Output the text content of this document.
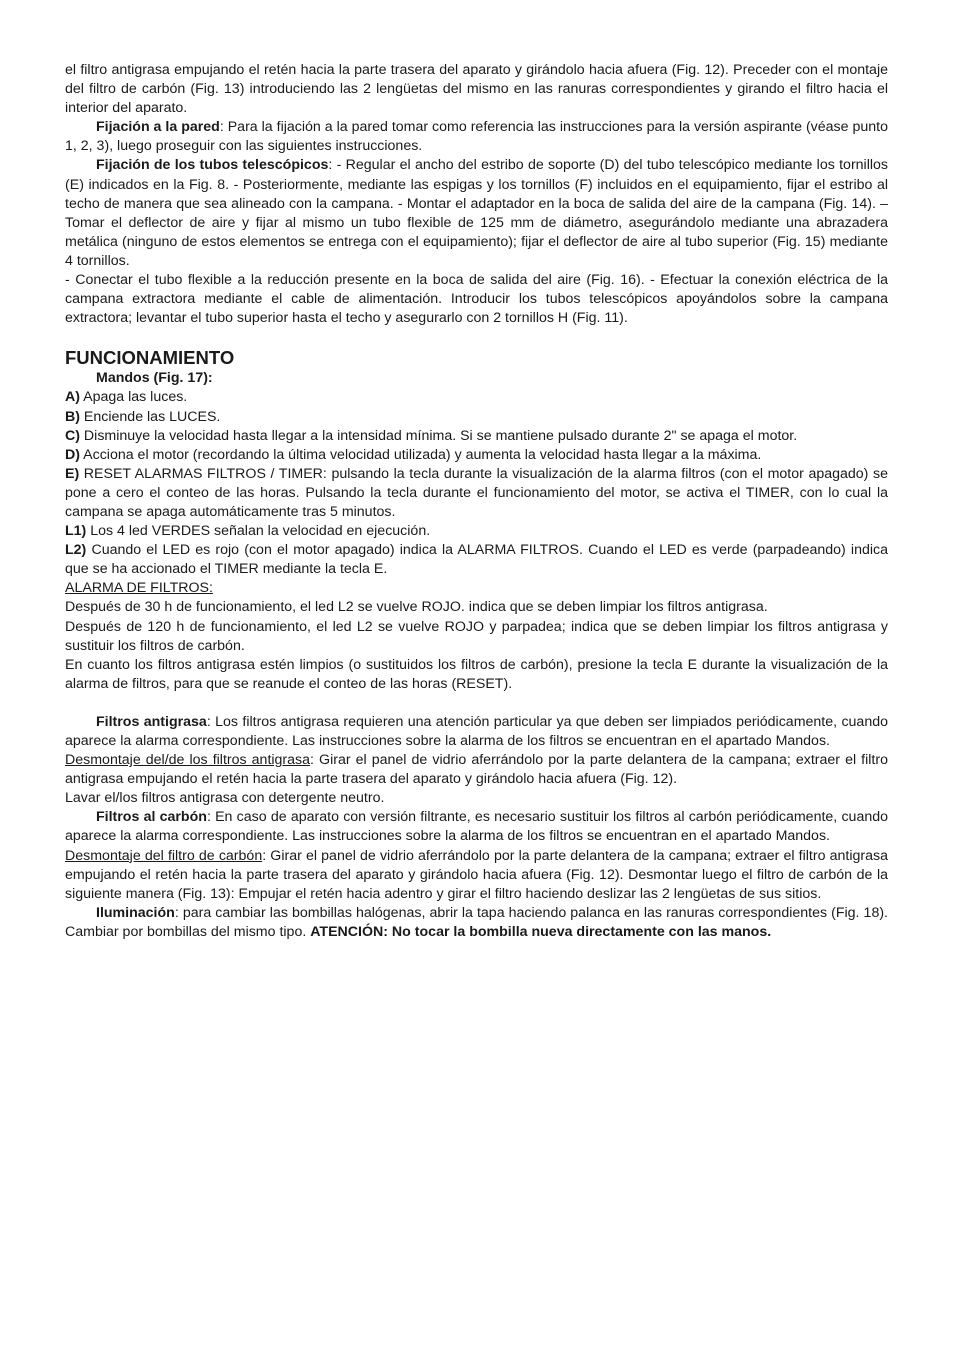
el filtro antigrasa empujando el retén hacia la parte trasera del aparato y girándolo hacia afuera (Fig. 12). Preceder con el montaje del filtro de carbón (Fig. 13) introduciendo las 2 lengüetas del mismo en las ranuras correspondientes y girando el filtro hacia el interior del aparato.

Fijación a la pared: Para la fijación a la pared tomar como referencia las instrucciones para la versión aspirante (véase punto 1, 2, 3), luego proseguir con las siguientes instrucciones.

Fijación de los tubos telescópicos: - Regular el ancho del estribo de soporte (D) del tubo telescópico mediante los tornillos (E) indicados en la Fig. 8. - Posteriormente, mediante las espigas y los tornillos (F) incluidos en el equipamiento, fijar el estribo al techo de manera que sea alineado con la campana. - Montar el adaptador en la boca de salida del aire de la campana (Fig. 14). – Tomar el deflector de aire y fijar al mismo un tubo flexible de 125 mm de diámetro, asegurándolo mediante una abrazadera metálica (ninguno de estos elementos se entrega con el equipamiento); fijar el deflector de aire al tubo superior (Fig. 15) mediante 4 tornillos.

- Conectar el tubo flexible a la reducción presente en la boca de salida del aire (Fig. 16). - Efectuar la conexión eléctrica de la campana extractora mediante el cable de alimentación. Introducir los tubos telescópicos apoyándolos sobre la campana extractora; levantar el tubo superior hasta el techo y asegurarlo con 2 tornillos H (Fig. 11).

FUNCIONAMIENTO

Mandos (Fig. 17):

A) Apaga las luces.

B) Enciende las LUCES.

C) Disminuye la velocidad hasta llegar a la intensidad mínima. Si se mantiene pulsado durante 2" se apaga el motor.

D) Acciona el motor (recordando la última velocidad utilizada) y aumenta la velocidad hasta llegar a la máxima.

E) RESET ALARMAS FILTROS / TIMER: pulsando la tecla durante la visualización de la alarma filtros (con el motor apagado) se pone a cero el conteo de las horas. Pulsando la tecla durante el funcionamiento del motor, se activa el TIMER, con lo cual la campana se apaga automáticamente tras 5 minutos.

L1) Los 4 led VERDES señalan la velocidad en ejecución.

L2) Cuando el LED es rojo (con el motor apagado) indica la ALARMA FILTROS. Cuando el LED es verde (parpadeando) indica que se ha accionado el TIMER mediante la tecla E.

ALARMA DE FILTROS:

Después de 30 h de funcionamiento, el led L2 se vuelve ROJO. indica que se deben limpiar los filtros antigrasa.

Después de 120 h de funcionamiento, el led L2 se vuelve ROJO y parpadea; indica que se deben limpiar los filtros antigrasa y sustituir los filtros de carbón.

En cuanto los filtros antigrasa estén limpios (o sustituidos los filtros de carbón), presione la tecla E durante la visualización de la alarma de filtros, para que se reanude el conteo de las horas (RESET).

Filtros antigrasa: Los filtros antigrasa requieren una atención particular ya que deben ser limpiados periódicamente, cuando aparece la alarma correspondiente. Las instrucciones sobre la alarma de los filtros se encuentran en el apartado Mandos.

Desmontaje del/de los filtros antigrasa: Girar el panel de vidrio aferrándolo por la parte delantera de la campana; extraer el filtro antigrasa empujando el retén hacia la parte trasera del aparato y girándolo hacia afuera (Fig. 12).

Lavar el/los filtros antigrasa con detergente neutro.

Filtros al carbón: En caso de aparato con versión filtrante, es necesario sustituir los filtros al carbón periódicamente, cuando aparece la alarma correspondiente. Las instrucciones sobre la alarma de los filtros se encuentran en el apartado Mandos.

Desmontaje del filtro de carbón: Girar el panel de vidrio aferrándolo por la parte delantera de la campana; extraer el filtro antigrasa empujando el retén hacia la parte trasera del aparato y girándolo hacia afuera (Fig. 12). Desmontar luego el filtro de carbón de la siguiente manera (Fig. 13): Empujar el retén hacia adentro y girar el filtro haciendo deslizar las 2 lengüetas de sus sitios.

Iluminación: para cambiar las bombillas halógenas, abrir la tapa haciendo palanca en las ranuras correspondientes (Fig. 18). Cambiar por bombillas del mismo tipo. ATENCIÓN: No tocar la bombilla nueva directamente con las manos.
